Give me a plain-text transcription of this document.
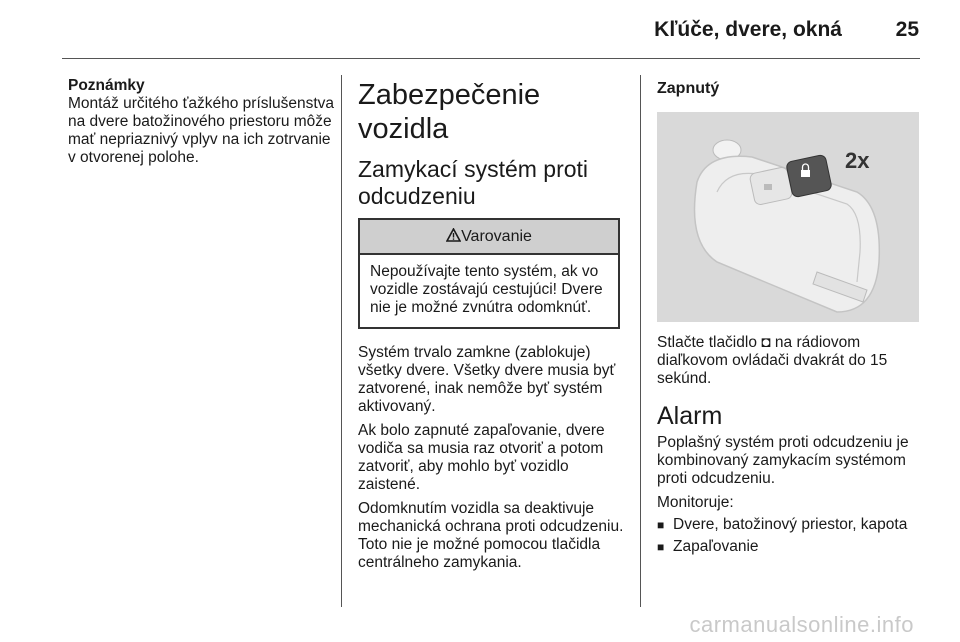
Kľúče, dvere, okná	25
Poznámky
Montáž určitého ťažkého príslušenstva na dvere batožinového priestoru môže mať nepriaznivý vplyv na ich zotrvanie v otvorenej polohe.
Zabezpečenie vozidla
Zamykací systém proti odcudzeniu
Varovanie
Nepoužívajte tento systém, ak vo vozidle zostávajú cestujúci! Dvere nie je možné zvnútra odomknúť.

Systém trvalo zamkne (zablokuje) všetky dvere. Všetky dvere musia byť zatvorené, inak nemôže byť systém aktivovaný.

Ak bolo zapnuté zapaľovanie, dvere vodiča sa musia raz otvoriť a potom zatvoriť, aby mohlo byť vozidlo zaistené.

Odomknutím vozidla sa deaktivuje mechanická ochrana proti odcudzeniu. Toto nie je možné pomocou tlačidla centrálneho zamykania.

Zapnutý
2x

Stlačte tlačidlo ◘ na rádiovom diaľkovom ovládači dvakrát do 15 sekúnd.

Alarm

Poplašný systém proti odcudzeniu je kombinovaný zamykacím systémom proti odcudzeniu.

Monitoruje:
■ Dvere, batožinový priestor, kapota
■ Zapaľovanie
carmanualsonline.info
